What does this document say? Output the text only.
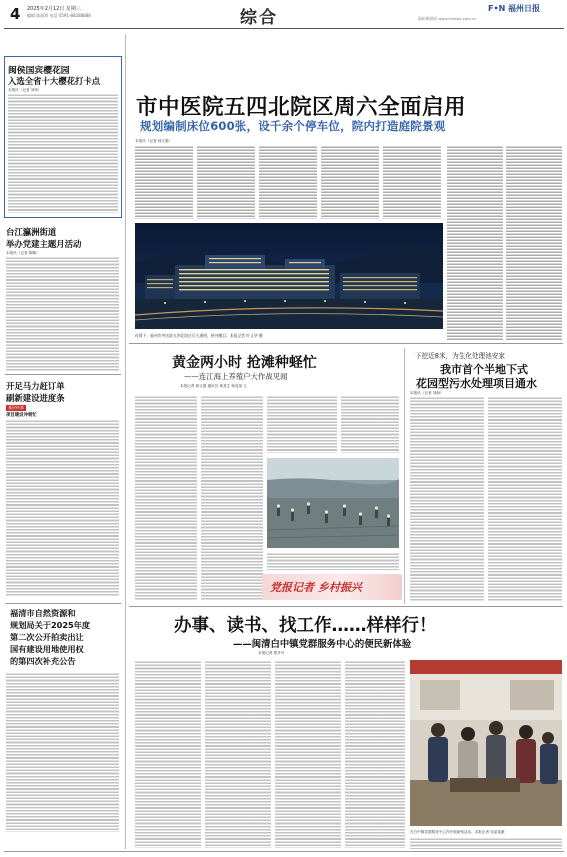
4 2025年2月12日 星期三
编辑 陈丽珍 电话 0591-88288888	综合	福州新闻网 www.fznews.com.cn
F•N 福州日报
闽侯国宾樱花园
入选全省十大樱花打卡点
本报讯（记者 刘伟）
台江瀛洲街道
举办党建主题月活动
本报讯（记者 陈琳）
开足马力赶订单
刷新建设进度条
基层传真
项目建设冲刺忙
福清市自然资源和
规划局关于2025年度
第二次公开拍卖出让
国有建设用地使用权
的第四次补充公告
市中医院五四北院区周六全面启用
规划编制床位600张，设千余个停车位，院内打造庭院景观
本报讯（记者 林文德）
夜幕下，福州市中医院五四北院区灯火通明，格外醒目。本报记者 叶义华 摄
黄金两小时 抢滩种蛏忙
——连江海上养殖户大作战见闻
本报记者 林文德 通讯员 黄其生 杨其战 文
党报记者 乡村振兴
下挖近8米，为生化处理池安家
我市首个半地下式
花园型污水处理项目通水
本报讯（记者 刘海）
办事、读书、找工作……样样行！
——闽清白中镇党群服务中心的便民新体验
本报记者 郑丹丹
在白中镇党群服务中心内开展助残活动。本报记者 吴某某摄
